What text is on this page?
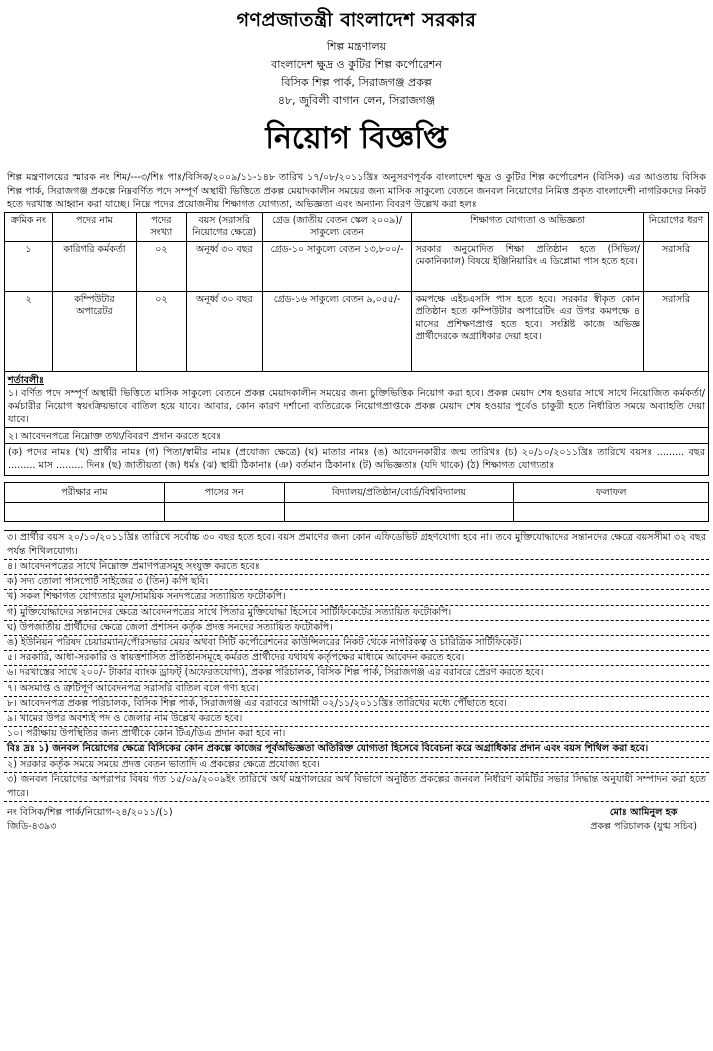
গণপ্রজাতন্ত্রী বাংলাদেশ সরকার
শিল্প মন্ত্রণালয়
বাংলাদেশ ক্ষুদ্র ও কুটির শিল্প কর্পোরেশন
বিসিক শিল্প পার্ক, সিরাজগঞ্জ প্রকল্প
৪৮, জুবিলী বাগান লেন, সিরাজগঞ্জ
নিয়োগ বিজ্ঞপ্তি
শিল্প মন্ত্রণালয়ের স্মারক নং শিম/---৩/শিঃ পাঃ/বিসিক/২০০৯/১১-১৪৮ তারিখ ১৭/০৮/২০১১খ্রিঃ অনুসরণপূর্বক বাংলাদেশ ক্ষুদ্র ও কুটির শিল্প কর্পোরেশন (বিসিক) এর আওতায় বিসিক শিল্প পার্ক, সিরাজগঞ্জ প্রকল্পে নিম্নবর্ণিত পদে সম্পূর্ণ অস্থায়ী ভিত্তিতে প্রকল্প মেয়াদকালীন সময়ের জন্য মাসিক সাকুল্যে বেতনে জনবল নিয়োগের নিমিত্ত প্রকৃত বাংলাদেশী নাগরিকদের নিকট হতে দরখাস্ত আহ্বান করা যাচ্ছে। নিম্নে পদের প্রয়োজনীয় শিক্ষাগত যোগ্যতা, অভিজ্ঞতা এবং অন্যান্য বিবরণ উল্লেখ করা হলঃ
ক্রমিক নং	পদের নাম	পদের সংখ্যা	বয়স (সরাসরি নিয়োগের ক্ষেত্রে)	গ্রেড (জাতীয় বেতন স্কেল ২০০৯)/সাকুল্যে বেতন	শিক্ষাগত যোগ্যতা ও অভিজ্ঞতা	নিয়োগের ধরণ
১	কারিগরি কর্মকর্তা	০২	অনূর্ধ্ব ৩০ বছর	গ্রেড-১০ সাকুল্যে বেতন ১৩,৮০০/-	সরকার অনুমোদিত শিক্ষা প্রতিষ্ঠান হতে (সিভিল/মেকানিক্যাল) বিষয়ে ইঞ্জিনিয়ারিং এ ডিপ্লোমা পাস হতে হবে।	সরাসরি
২	কম্পিউটার অপারেটর	০২	অনূর্ধ্ব ৩০ বছর	গ্রেড-১৬ সাকুল্যে বেতন ৯,০৫৫/-	কমপক্ষে এইচএসসি পাস হতে হবে। সরকার স্বীকৃত কোন প্রতিষ্ঠান হতে কম্পিউটার অপারেটিং এর উপর কমপক্ষে ৪ মাসের প্রশিক্ষণপ্রাপ্ত হতে হবে। সংশ্লিষ্ট কাজে অভিজ্ঞ প্রার্থীদেরকে অগ্রাধিকার দেয়া হবে।	সরাসরি
শর্তাবলীঃ
১। বর্ণিত পদে সম্পূর্ণ অস্থায়ী ভিত্তিতে মাসিক সাকুল্যে বেতনে প্রকল্প মেয়াদকালীন সময়ের জন্য চুক্তিভিত্তিক নিয়োগ করা হবে। প্রকল্প মেয়াদ শেষ হওয়ার সাথে সাথে নিয়োজিত কর্মকর্তা/কর্মচারীর নিয়োগ স্বয়ংক্রিয়ভাবে বাতিল হয়ে যাবে। আবার, কোন কারণ দর্শানো ব্যতিরেকে নিয়োগপ্রাপ্তকে প্রকল্প মেয়াদ শেষ হওয়ার পূর্বেও চাকুরী হতে নির্ধারিত সময়ে অব্যাহতি দেয়া যাবে।
২। আবেদনপত্রে নিম্নোক্ত তথ্য/বিবরণ প্রদান করতে হবেঃ
(ক) পদের নামঃ (খ) প্রার্থীর নামঃ (গ) পিতা/স্বামীর নামঃ (প্রযোজ্য ক্ষেত্রে) (ঘ) মাতার নামঃ (ঙ) আবেদনকারীর জন্ম তারিখঃ (চ) ২০/১০/২০১১খ্রিঃ তারিখে বয়সঃ ......... বছর ......... মাস ......... দিনঃ (ছ) জাতীয়তা (জ) ধর্মঃ (ঝ) স্থায়ী ঠিকানাঃ (ঞ) বর্তমান ঠিকানাঃ (ট) অভিজ্ঞতাঃ (যদি থাকে) (ঠ) শিক্ষাগত যোগ্যতাঃ
পরীক্ষার নাম	পাসের সন	বিদ্যালয়/প্রতিষ্ঠান/বোর্ড/বিশ্ববিদ্যালয়	ফলাফল

৩। প্রার্থীর বয়স ২০/১০/২০১১খ্রিঃ তারিখে সর্বোচ্চ ৩০ বছর হতে হবে। বয়স প্রমাণের জন্য কোন এফিডেভিট গ্রহণযোগ্য হবে না। তবে মুক্তিযোদ্ধাদের সন্তানদের ক্ষেত্রে বয়সসীমা ৩২ বছর পর্যন্ত শিথিলযোগ্য।
৪। আবেদনপত্রের সাথে নিম্নোক্ত প্রমাণপত্রসমূহ সংযুক্ত করতে হবেঃ
ক) সদ্য তোলা পাসপোর্ট সাইজের ৩ (তিন) কপি ছবি।
খ) সকল শিক্ষাগত যোগ্যতার মূল/সাময়িক সনদপত্রের সত্যায়িত ফটোকপি।
গ) মুক্তিযোদ্ধাদের সন্তানদের ক্ষেত্রে আবেদনপত্রের সাথে পিতার মুক্তিযোদ্ধা হিসেবে সার্টিফিকেটের সত্যায়িত ফটোকপি।
ঘ) উপজাতীয় প্রার্থীদের ক্ষেত্রে জেলা প্রশাসন কর্তৃক প্রদত্ত সনদের সত্যায়িত ফটোকপি।
ঙ) ইউনিয়ন পরিষদ চেয়ারম্যান/পৌরসভার মেয়র অথবা সিটি কর্পোরেশনের কাউন্সিলরের নিকট থেকে নাগরিকত্ব ও চারিত্রিক সার্টিফিকেট।
৫। সরকারি, আধা-সরকারি ও স্বায়ত্তশাসিত প্রতিষ্ঠানসমূহে কর্মরত প্রার্থীদের যথাযথ কর্তৃপক্ষের মাধ্যমে আবেদন করতে হবে।
৬। দরখাস্তের সাথে ২০০/- টাকার ব্যাংক ড্রাফট্ (অফেরতযোগ্য), প্রকল্প পরিচালক, বিসিক শিল্প পার্ক, সিরাজগঞ্জ এর বরাবরে প্রেরণ করতে হবে।
৭। অসমাপ্ত ও ত্রুটিপূর্ণ আবেদনপত্র সরাসরি বাতিল বলে গণ্য হবে।
৮। আবেদনপত্র প্রকল্প পরিচালক, বিসিক শিল্প পার্ক, সিরাজগঞ্জ এর বরাবরে আগামী ০২/১১/২০১১খ্রিঃ তারিখের মধ্যে পৌঁছাতে হবে।
৯। খামের উপর অবশ্যই পদ ও জেলার নাম উল্লেখ করতে হবে।
১০। পরীক্ষায় উপস্থিতির জন্য প্রার্থীকে কোন টিএ/ডিএ প্রদান করা হবে না।
বিঃ দ্রঃ ১) জনবল নিয়োগের ক্ষেত্রে বিসিকের কোন প্রকল্পে কাজের পূর্বঅভিজ্ঞতা অতিরিক্ত যোগ্যতা হিসেবে বিবেচনা করে অগ্রাধিকার প্রদান এবং বয়স শিথিল করা হবে।
২) সরকার কর্তৃক সময়ে সময়ে প্রদত্ত বেতন ভাতাদি এ প্রকল্পের ক্ষেত্রে প্রযোজ্য হবে।
৩) জনবল নিয়োগের অপরাপর বিষয় গত ১৫/০৯/২০০৯ইং তারিখে অর্থ মন্ত্রণালয়ের অর্থ বিভাগে অনুষ্ঠিত প্রকল্পের জনবল নির্ধারণ কমিটির সভার সিদ্ধান্ত অনুযায়ী সম্পাদন করা হতে পারে।
নং বিসিক/শিল্প পার্ক/নিয়োগ-২৪/২০১১/(১)
জিডি-৪৩৯৩
মোঃ আমিনুল হক
প্রকল্প পরিচালক (যুগ্ম সচিব)
